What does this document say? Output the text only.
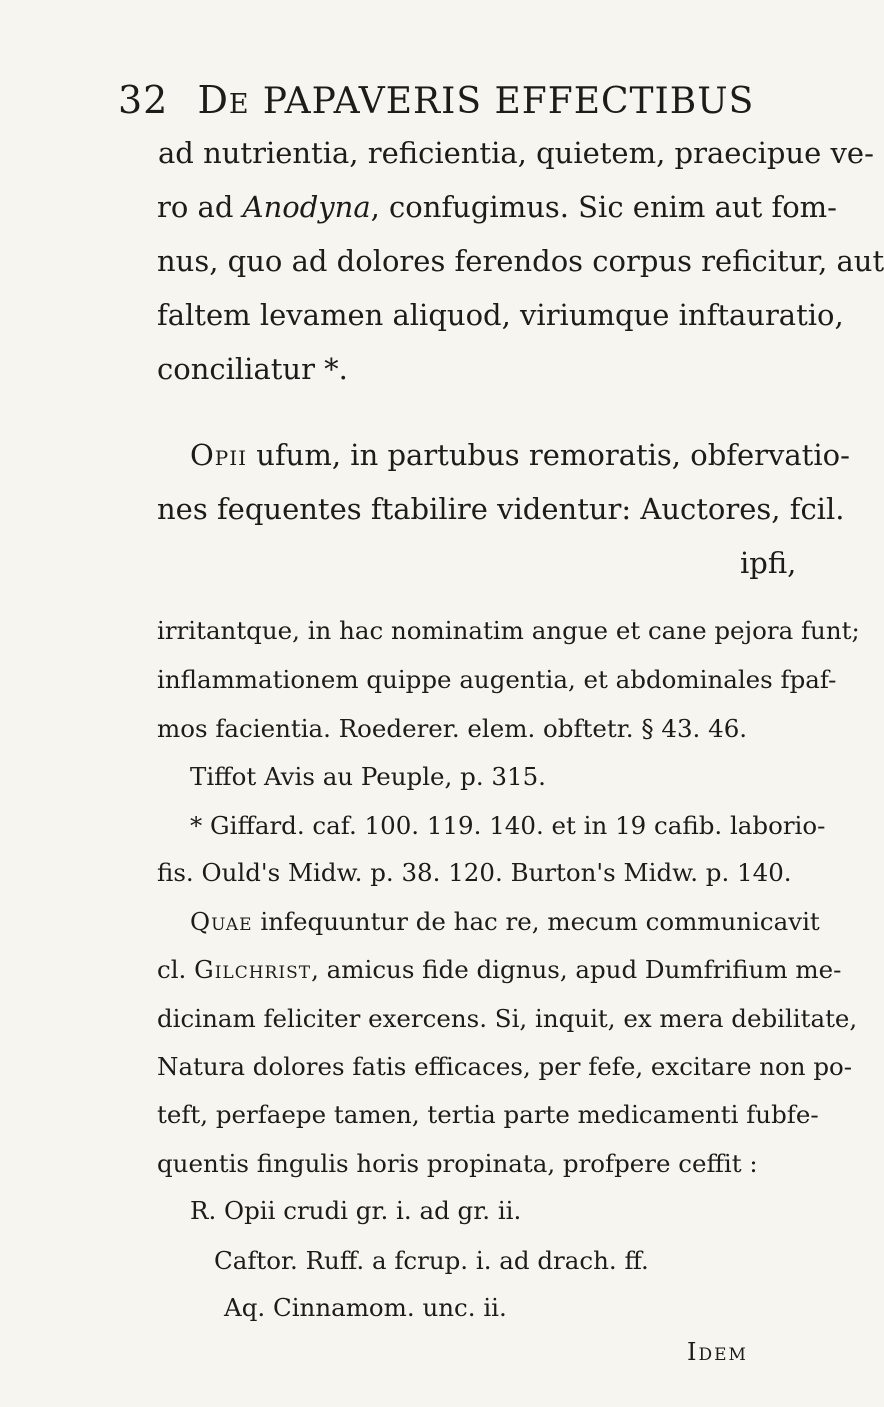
32 De PAPAVERIS EFFECTIBUS
ad nutrientia, reficientia, quietem, praecipue ve-
ro ad Anodyna, confugimus. Sic enim aut fom-
nus, quo ad dolores ferendos corpus reficitur, aut
faltem levamen aliquod, viriumque inftauratio,
conciliatur *.
Opii ufum, in partubus remoratis, obfervatio-
nes fequentes ftabilire videntur: Auctores, fcil.
ipfi,
irritantque, in hac nominatim angue et cane pejora funt;
inflammationem quippe augentia, et abdominales fpaf-
mos facientia. Roederer. elem. obftetr. § 43. 46.
Tiffot Avis au Peuple, p. 315.
* Giffard. caf. 100. 119. 140. et in 19 cafib. laborio-
fis. Ould's Midw. p. 38. 120. Burton's Midw. p. 140.
Quae infequuntur de hac re, mecum communicavit
cl. Gilchrist, amicus fide dignus, apud Dumfrifium me-
dicinam feliciter exercens. Si, inquit, ex mera debilitate,
Natura dolores fatis efficaces, per fefe, excitare non po-
teft, perfaepe tamen, tertia parte medicamenti fubfe-
quentis fingulis horis propinata, profpere ceffit :
R. Opii crudi gr. i. ad gr. ii.
Caftor. Ruff. a fcrup. i. ad drach. ff.
Aq. Cinnamom. unc. ii.
Idem
